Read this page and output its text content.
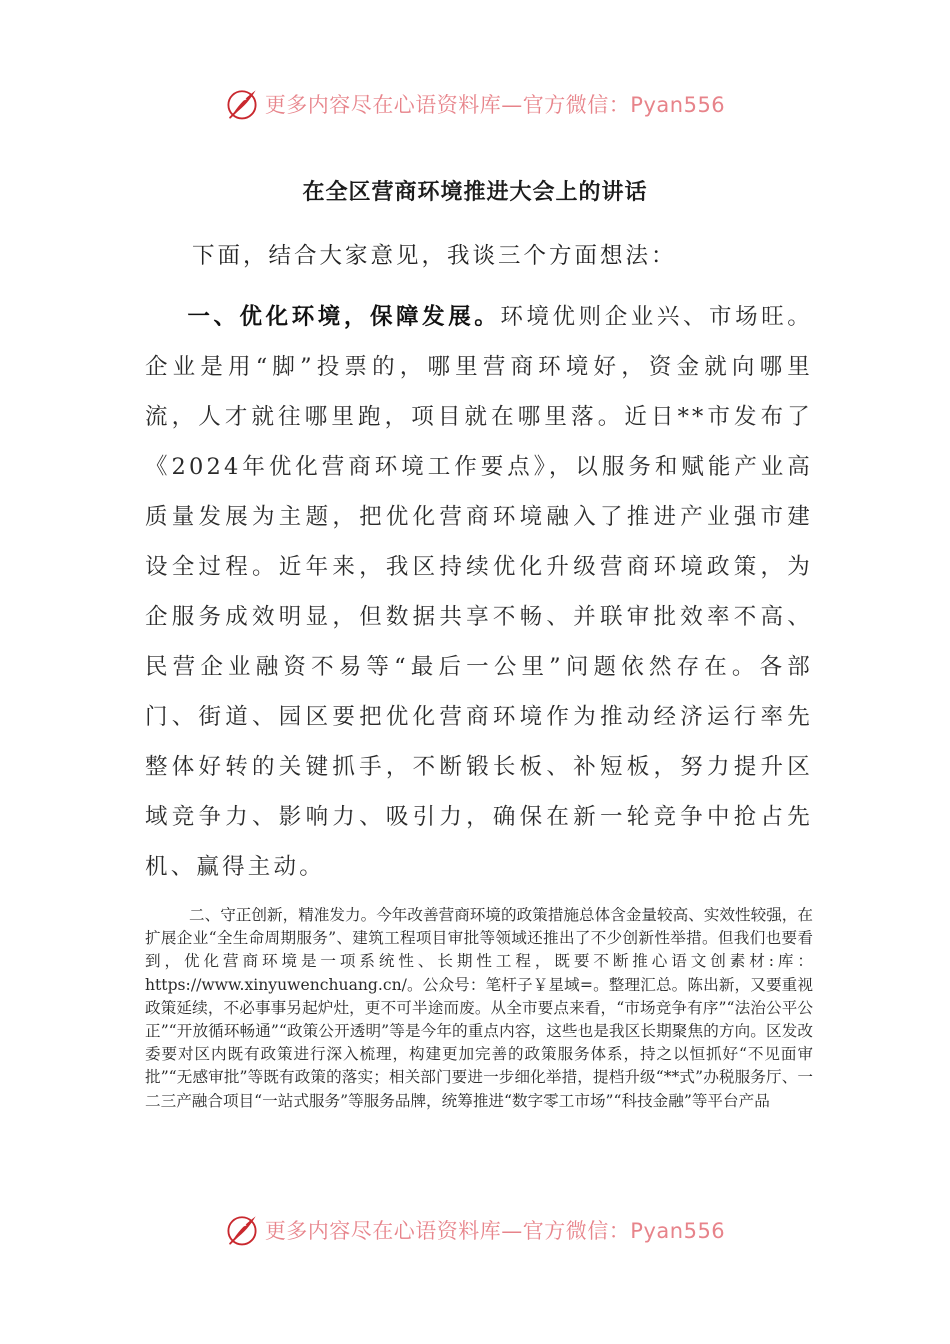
更多内容尽在心语资料库—官方微信：Pyan556
在全区营商环境推进大会上的讲话
下面，结合大家意见，我谈三个方面想法：
一、优化环境，保障发展。环境优则企业兴、市场旺。企业是用“脚”投票的，哪里营商环境好，资金就向哪里流，人才就往哪里跑，项目就在哪里落。近日**市发布了《2024年优化营商环境工作要点》，以服务和赋能产业高质量发展为主题，把优化营商环境融入了推进产业强市建设全过程。近年来，我区持续优化升级营商环境政策，为企服务成效明显，但数据共享不畅、并联审批效率不高、民营企业融资不易等“最后一公里”问题依然存在。各部门、街道、园区要把优化营商环境作为推动经济运行率先整体好转的关键抓手，不断锻长板、补短板，努力提升区域竞争力、影响力、吸引力，确保在新一轮竞争中抢占先机、赢得主动。
二、守正创新，精准发力。今年改善营商环境的政策措施总体含金量较高、实效性较强，在扩展企业“全生命周期服务”、建筑工程项目审批等领域还推出了不少创新性举措。但我们也要看到，优化营商环境是一项系统性、长期性工程，既要不断推心语文创素材:库：https://www.xinyuwenchuang.cn/。公众号：笔杆子￥星域=。整理汇总。陈出新，又要重视政策延续，不必事事另起炉灶，更不可半途而废。从全市要点来看，“市场竞争有序”“法治公平公正”“开放循环畅通”“政策公开透明”等是今年的重点内容，这些也是我区长期聚焦的方向。区发改委要对区内既有政策进行深入梳理，构建更加完善的政策服务体系，持之以恒抓好“不见面审批”“无感审批”等既有政策的落实；相关部门要进一步细化举措，提档升级“**式”办税服务厅、一二三产融合项目“一站式服务”等服务品牌，统筹推进“数字零工市场”“科技金融”等平台产品
更多内容尽在心语资料库—官方微信：Pyan556
